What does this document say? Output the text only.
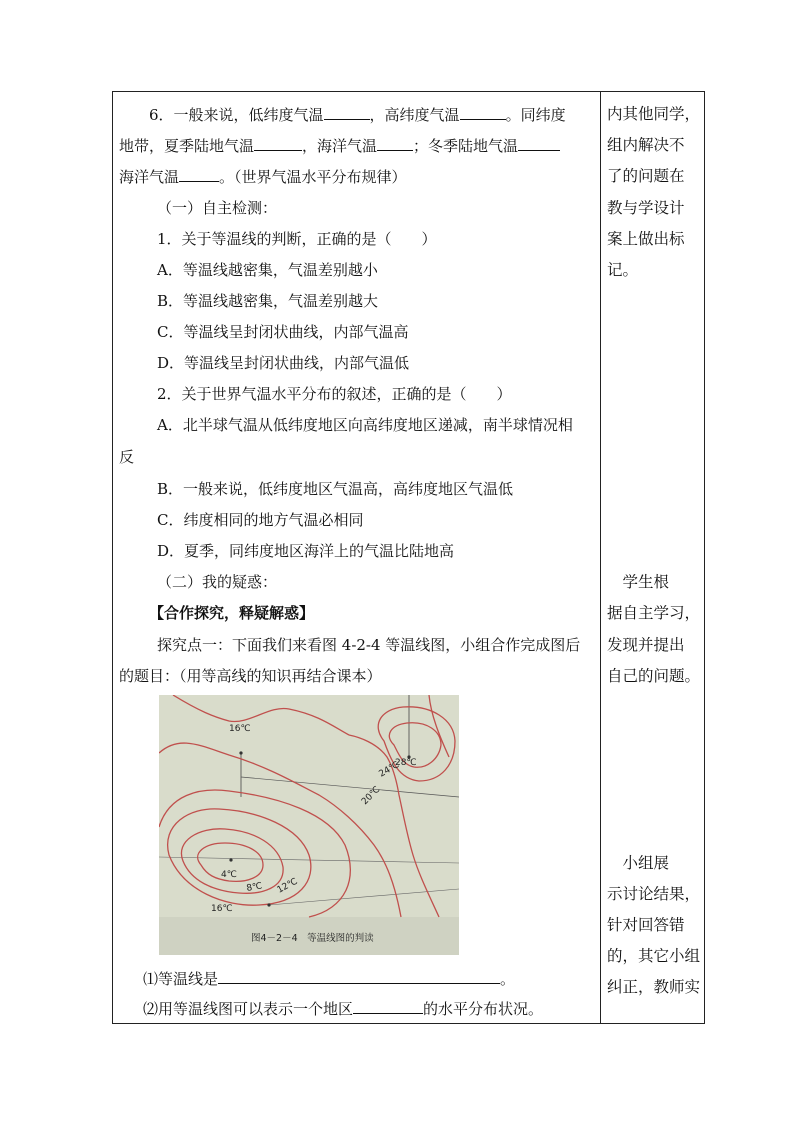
6．一般来说，低纬度气温	，高纬度气温	。同纬度
地带，夏季陆地气温	，海洋气温 ；冬季陆地气温
海洋气温	。（世界气温水平分布规律）
（一）自主检测：
1．关于等温线的判断，正确的是（　　）
A．等温线越密集，气温差别越小
B．等温线越密集，气温差别越大
C．等温线呈封闭状曲线，内部气温高
D．等温线呈封闭状曲线，内部气温低
2．关于世界气温水平分布的叙述，正确的是（　　）
A．北半球气温从低纬度地区向高纬度地区递减，南半球情况相
反
B．一般来说，低纬度地区气温高，高纬度地区气温低
C．纬度相同的地方气温必相同
D．夏季，同纬度地区海洋上的气温比陆地高
（二）我的疑惑：
【合作探究，释疑解惑】
探究点一：下面我们来看图 4-2-4 等温线图，小组合作完成图后
的题目：（用等高线的知识再结合课本）
16℃
28℃
24℃
20℃
4℃
8℃ 12℃
16℃
图4－2－4　等温线图的判读
⑴等温线是	。
⑵用等温线图可以表示一个地区	的水平分布状况。
内其他同学，
组内解决不
了的问题在
教与学设计
案上做出标
记。
　学生根
据自主学习，
发现并提出
自己的问题。
　小组展
示讨论结果，
针对回答错
的，其它小组
纠正，教师实
